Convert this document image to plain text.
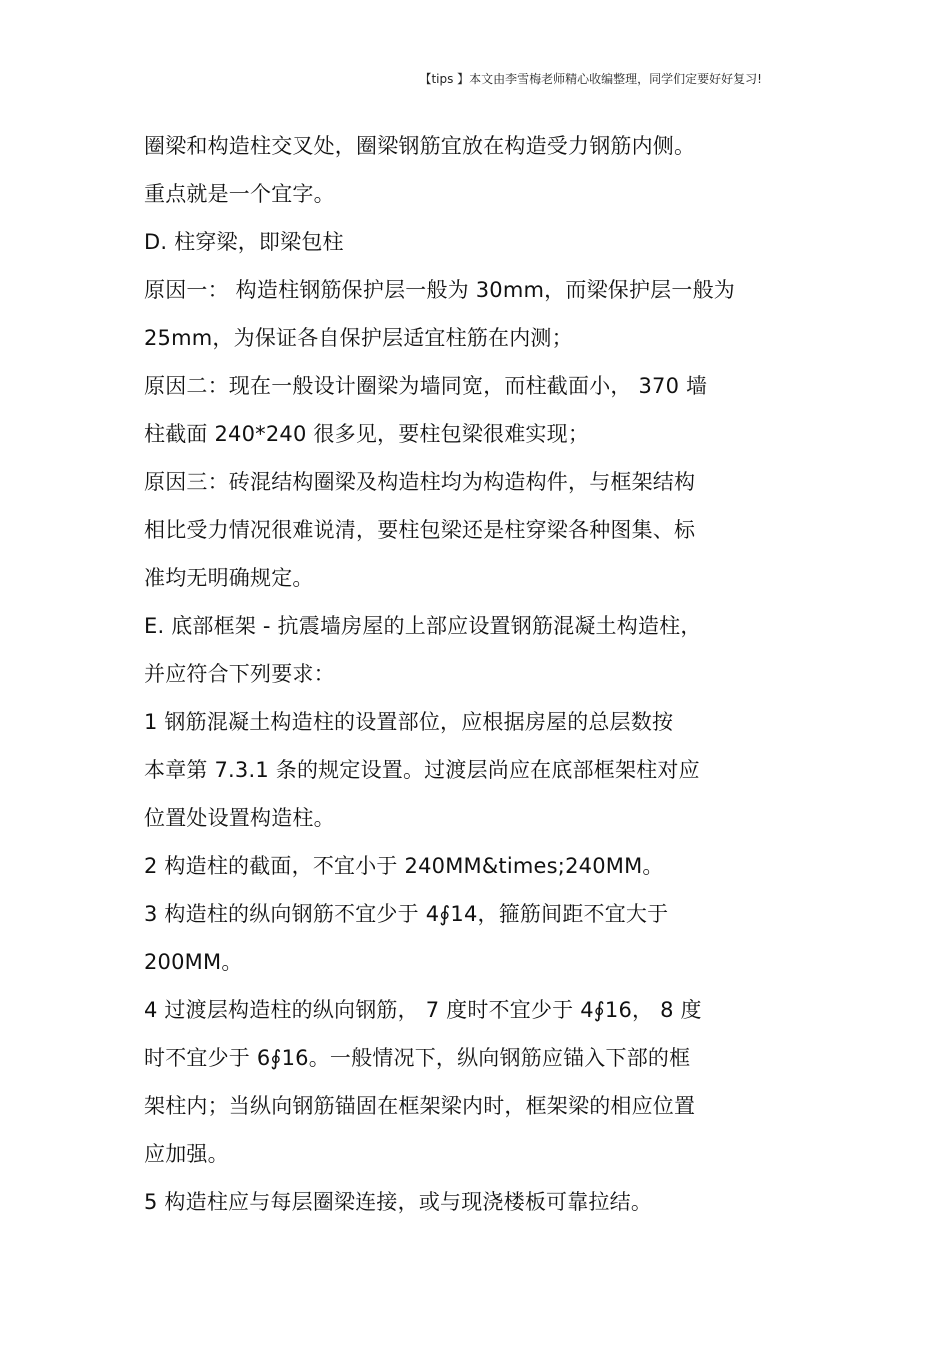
【tips 】本文由李雪梅老师精心收编整理，同学们定要好好复习!
圈梁和构造柱交叉处，圈梁钢筋宜放在构造受力钢筋内侧。
重点就是一个宜字。
D. 柱穿梁，即梁包柱
原因一： 构造柱钢筋保护层一般为 30mm，而梁保护层一般为
25mm，为保证各自保护层适宜柱筋在内测；
原因二：现在一般设计圈梁为墙同宽，而柱截面小， 370 墙
柱截面 240*240 很多见，要柱包梁很难实现；
原因三：砖混结构圈梁及构造柱均为构造构件，与框架结构
相比受力情况很难说清，要柱包梁还是柱穿梁各种图集、标
准均无明确规定。
E. 底部框架 - 抗震墙房屋的上部应设置钢筋混凝土构造柱，
并应符合下列要求：
1 钢筋混凝土构造柱的设置部位，应根据房屋的总层数按
本章第 7.3.1 条的规定设置。过渡层尚应在底部框架柱对应
位置处设置构造柱。
2 构造柱的截面，不宜小于 240MM&times;240MM。
3 构造柱的纵向钢筋不宜少于 4∮14，箍筋间距不宜大于
200MM。
4 过渡层构造柱的纵向钢筋， 7 度时不宜少于 4∮16， 8 度
时不宜少于 6∮16。一般情况下，纵向钢筋应锚入下部的框
架柱内；当纵向钢筋锚固在框架梁内时，框架梁的相应位置
应加强。
5 构造柱应与每层圈梁连接，或与现浇楼板可靠拉结。
